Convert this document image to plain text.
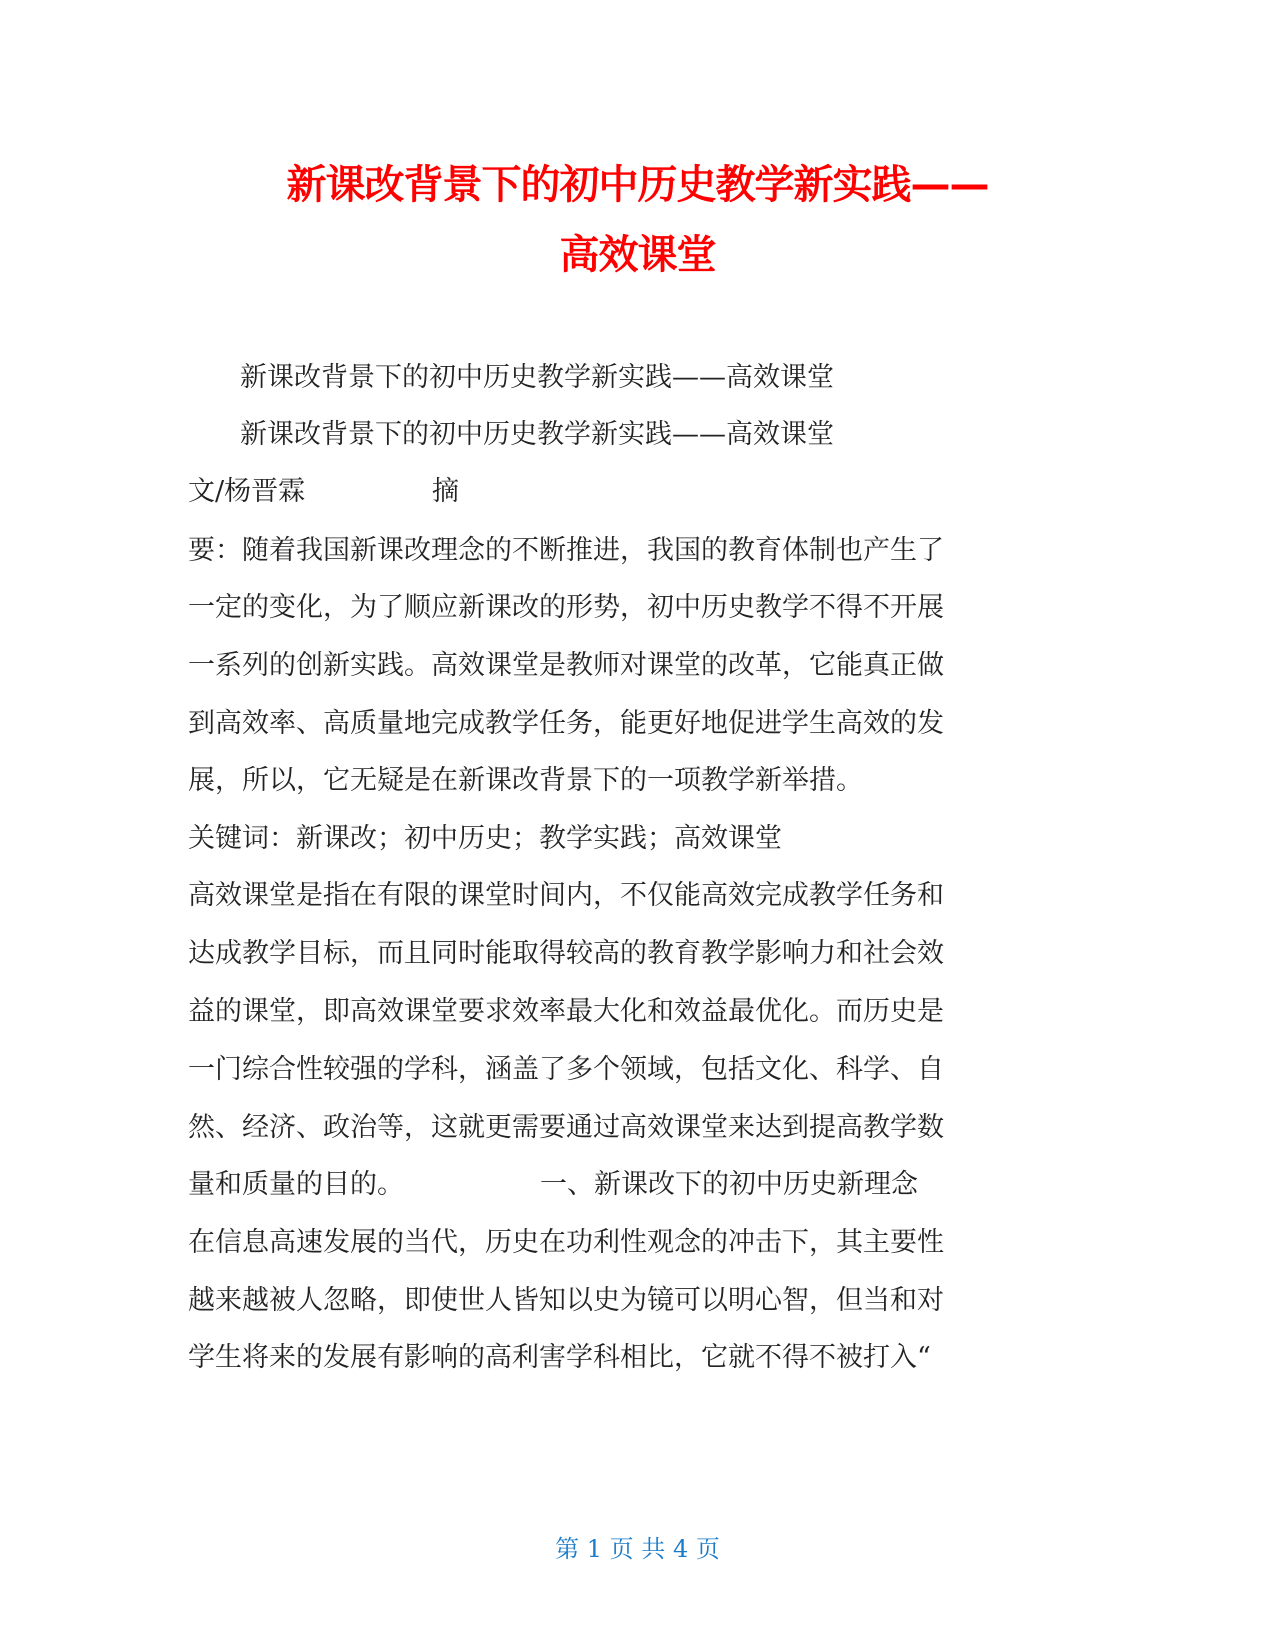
新课改背景下的初中历史教学新实践——
高效课堂
新课改背景下的初中历史教学新实践——高效课堂
新课改背景下的初中历史教学新实践——高效课堂
文/杨晋霖	摘
要：随着我国新课改理念的不断推进，我国的教育体制也产生了
一定的变化，为了顺应新课改的形势，初中历史教学不得不开展
一系列的创新实践。高效课堂是教师对课堂的改革，它能真正做
到高效率、高质量地完成教学任务，能更好地促进学生高效的发
展，所以，它无疑是在新课改背景下的一项教学新举措。
关键词：新课改；初中历史；教学实践；高效课堂
高效课堂是指在有限的课堂时间内，不仅能高效完成教学任务和
达成教学目标，而且同时能取得较高的教育教学影响力和社会效
益的课堂，即高效课堂要求效率最大化和效益最优化。而历史是
一门综合性较强的学科，涵盖了多个领域，包括文化、科学、自
然、经济、政治等，这就更需要通过高效课堂来达到提高教学数
量和质量的目的。	一、新课改下的初中历史新理念
在信息高速发展的当代，历史在功利性观念的冲击下，其主要性
越来越被人忽略，即使世人皆知以史为镜可以明心智，但当和对
学生将来的发展有影响的高利害学科相比，它就不得不被打入“
第 1 页 共 4 页
